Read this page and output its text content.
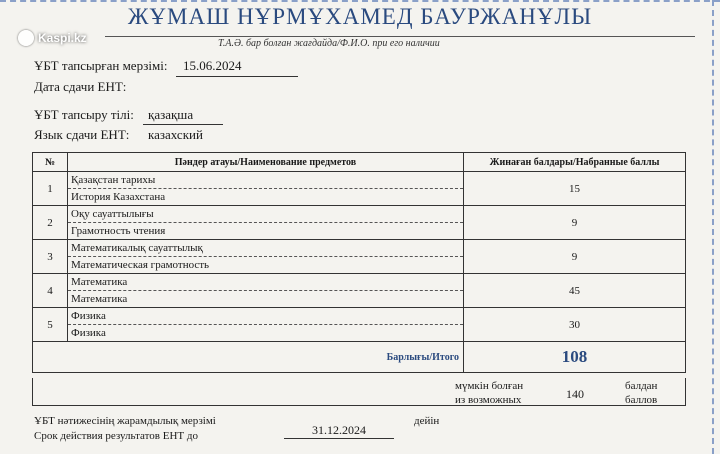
Kaspi.kz
ЖҰМАШ НҰРМҰХАМЕД БАУРЖАНҰЛЫ
Т.А.Ә. бар болған жағдайда/Ф.И.О. при его наличии
ҰБТ тапсырған мерзімі: 15.06.2024
Дата сдачи ЕНТ:
ҰБТ тапсыру тілі: қазақша
Язык сдачи ЕНТ: казахский
№	Пәндер атауы/Наименование предметов	Жинаған балдары/Набранные баллы
1	Қазақстан тарихы
История Казахстана	15
2	Оқу сауаттылығы
Грамотность чтения	9
3	Математикалық сауаттылық
Математическая грамотность	9
4	Математика
Математика	45
5	Физика
Физика	30
Барлығы/Итого		108
мүмкін болған
из возможных	140
балдан
баллов
ҰБТ нәтижесінің жарамдылық мерзімі
Срок действия результатов ЕНТ до	31.12.2024
дейін
